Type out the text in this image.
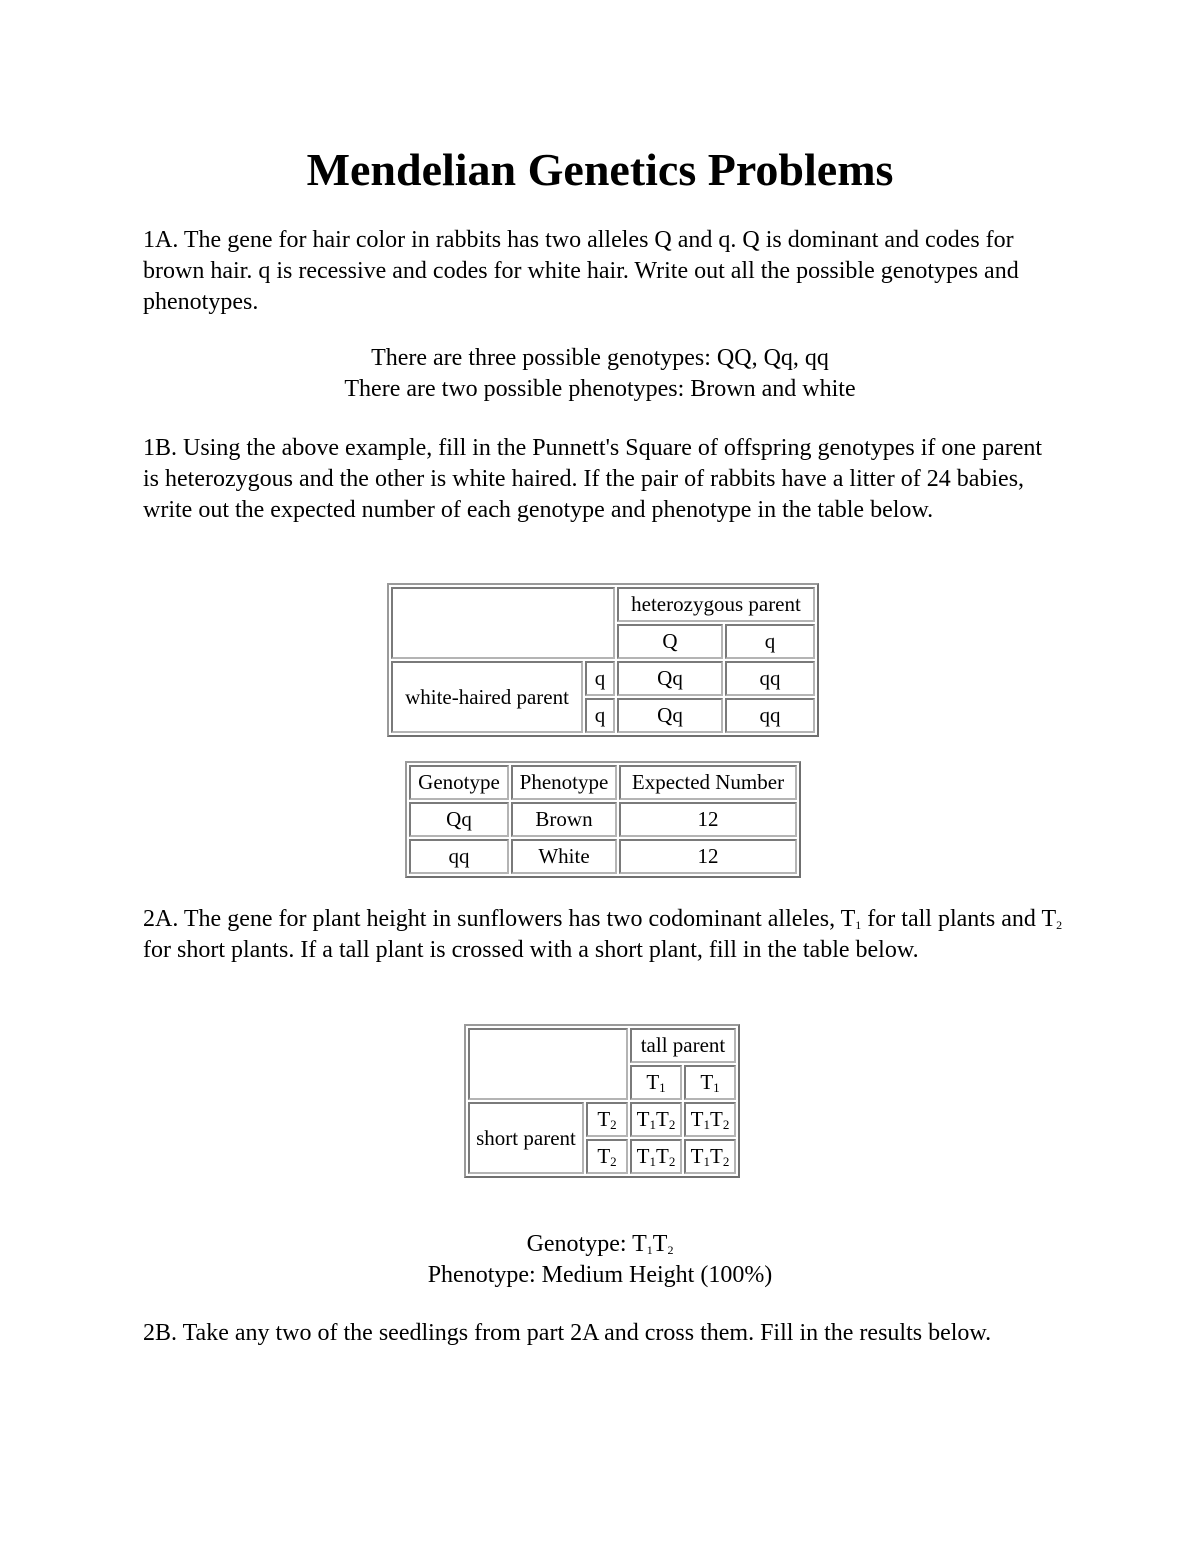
Mendelian Genetics Problems

1A. The gene for hair color in rabbits has two alleles Q and q. Q is dominant and codes for brown hair. q is recessive and codes for white hair. Write out all the possible genotypes and phenotypes.

There are three possible genotypes: QQ, Qq, qq

There are two possible phenotypes: Brown and white

1B. Using the above example, fill in the Punnett's Square of offspring genotypes if one parent is heterozygous and the other is white haired. If the pair of rabbits have a litter of 24 babies, write out the expected number of each genotype and phenotype in the table below.

		heterozygous parent	
		Q	q
white-haired parent	q	Qq	qq
	q	Qq	qq
Genotype	Phenotype	Expected Number
Qq	Brown	12
qq	White	12

2A. The gene for plant height in sunflowers has two codominant alleles, $T_1$ for tall plants and $T_2$ for short plants. If a tall plant is crossed with a short plant, fill in the table below.

		tall parent	
		$T_1$	$T_1$
short parent	$T_2$	$T_1T_2$	$T_1T_2$
	$T_2$	$T_1T_2$	$T_1T_2$

Genotype: $T_1T_2$

Phenotype: Medium Height (100%)

2B. Take any two of the seedlings from part 2A and cross them. Fill in the results below.
